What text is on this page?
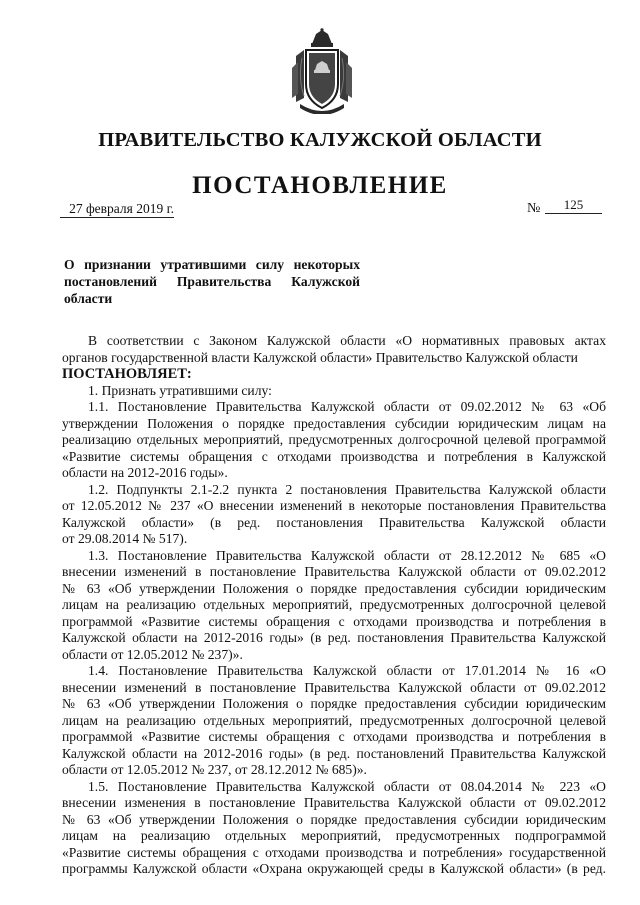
ПРАВИТЕЛЬСТВО КАЛУЖСКОЙ ОБЛАСТИ
ПОСТАНОВЛЕНИЕ
27 февраля 2019 г.	№	125
О признании утратившими силу некоторых
постановлений Правительства Калужской
области
В соответствии с Законом Калужской области «О нормативных правовых актах
органов государственной власти Калужской области» Правительство Калужской области
ПОСТАНОВЛЯЕТ:
1. Признать утратившими силу:
1.1. Постановление Правительства Калужской области от 09.02.2012 № 63 «Об
утверждении Положения о порядке предоставления субсидии юридическим лицам на
реализацию отдельных мероприятий, предусмотренных долгосрочной целевой программой
«Развитие системы обращения с отходами производства и потребления в Калужской
области на 2012-2016 годы».
1.2. Подпункты 2.1-2.2 пункта 2 постановления Правительства Калужской области
от 12.05.2012 № 237 «О внесении изменений в некоторые постановления Правительства
Калужской области» (в ред. постановления Правительства Калужской области
от 29.08.2014 № 517).
1.3. Постановление Правительства Калужской области от 28.12.2012 № 685 «О
внесении изменений в постановление Правительства Калужской области от 09.02.2012
№ 63 «Об утверждении Положения о порядке предоставления субсидии юридическим
лицам на реализацию отдельных мероприятий, предусмотренных долгосрочной целевой
программой «Развитие системы обращения с отходами производства и потребления в
Калужской области на 2012-2016 годы» (в ред. постановления Правительства Калужской
области от 12.05.2012 № 237)».
1.4. Постановление Правительства Калужской области от 17.01.2014 № 16 «О
внесении изменений в постановление Правительства Калужской области от 09.02.2012
№ 63 «Об утверждении Положения о порядке предоставления субсидии юридическим
лицам на реализацию отдельных мероприятий, предусмотренных долгосрочной целевой
программой «Развитие системы обращения с отходами производства и потребления в
Калужской области на 2012-2016 годы» (в ред. постановлений Правительства Калужской
области от 12.05.2012 № 237, от 28.12.2012 № 685)».
1.5. Постановление Правительства Калужской области от 08.04.2014 № 223 «О
внесении изменения в постановление Правительства Калужской области от 09.02.2012
№ 63 «Об утверждении Положения о порядке предоставления субсидии юридическим
лицам на реализацию отдельных мероприятий, предусмотренных подпрограммой
«Развитие системы обращения с отходами производства и потребления» государственной
программы Калужской области «Охрана окружающей среды в Калужской области» (в ред.
